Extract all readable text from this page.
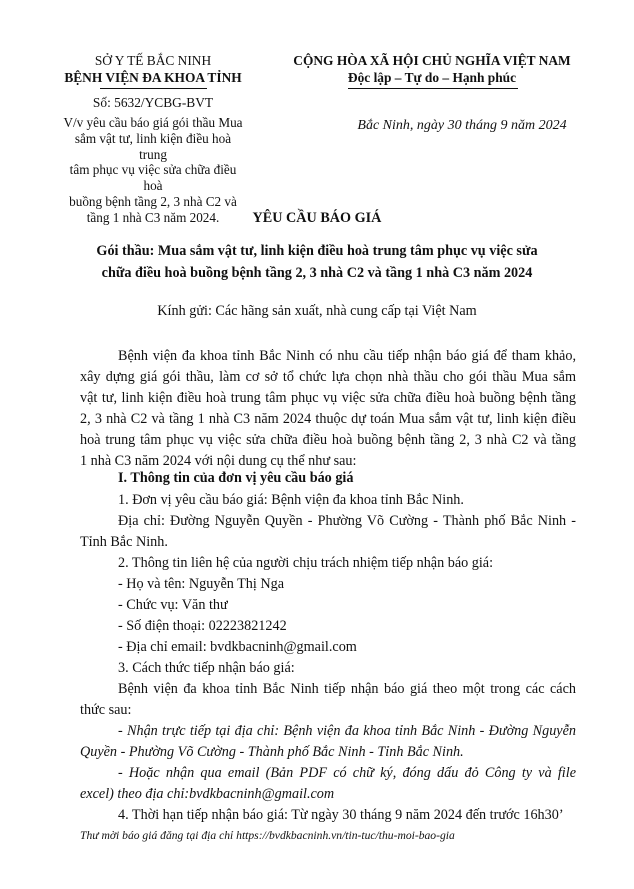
SỞ Y TẾ BẮC NINH
BỆNH VIỆN ĐA KHOA TỈNH
Số: 5632/YCBG-BVT
V/v yêu cầu báo giá gói thầu Mua
sắm vật tư, linh kiện điều hoà trung
tâm phục vụ việc sửa chữa điều hoà
buồng bệnh tầng 2, 3 nhà C2 và
tầng 1 nhà C3 năm 2024.
CỘNG HÒA XÃ HỘI CHỦ NGHĨA VIỆT NAM
Độc lập – Tự do – Hạnh phúc
Bắc Ninh, ngày 30 tháng 9 năm 2024
YÊU CẦU BÁO GIÁ
Gói thầu: Mua sắm vật tư, linh kiện điều hoà trung tâm phục vụ việc sửa
chữa điều hoà buồng bệnh tầng 2, 3 nhà C2 và tầng 1 nhà C3 năm 2024
Kính gửi: Các hãng sản xuất, nhà cung cấp tại Việt Nam
Bệnh viện đa khoa tỉnh Bắc Ninh có nhu cầu tiếp nhận báo giá để tham khảo,
xây dựng giá gói thầu, làm cơ sở tổ chức lựa chọn nhà thầu cho gói thầu Mua sắm
vật tư, linh kiện điều hoà trung tâm phục vụ việc sửa chữa điều hoà buồng bệnh tầng
2, 3 nhà C2 và tầng 1 nhà C3 năm 2024 thuộc dự toán Mua sắm vật tư, linh kiện điều
hoà trung tâm phục vụ việc sửa chữa điều hoà buồng bệnh tầng 2, 3 nhà C2 và tầng
1 nhà C3 năm 2024 với nội dung cụ thể như sau:
I. Thông tin của đơn vị yêu cầu báo giá
1. Đơn vị yêu cầu báo giá: Bệnh viện đa khoa tỉnh Bắc Ninh.
Địa chỉ: Đường Nguyễn Quyền - Phường Võ Cường - Thành phố Bắc Ninh -
Tỉnh Bắc Ninh.
2. Thông tin liên hệ của người chịu trách nhiệm tiếp nhận báo giá:
- Họ và tên: Nguyễn Thị Nga
- Chức vụ: Văn thư
- Số điện thoại: 02223821242
- Địa chỉ email: bvdkbacninh@gmail.com
3. Cách thức tiếp nhận báo giá:
Bệnh viện đa khoa tỉnh Bắc Ninh tiếp nhận báo giá theo một trong các cách
thức sau:
- Nhận trực tiếp tại địa chỉ: Bệnh viện đa khoa tỉnh Bắc Ninh - Đường Nguyễn
Quyền - Phường Võ Cường - Thành phố Bắc Ninh - Tỉnh Bắc Ninh.
- Hoặc nhận qua email (Bản PDF có chữ ký, đóng dấu đỏ Công ty và file
excel) theo địa chỉ:bvdkbacninh@gmail.com
4. Thời hạn tiếp nhận báo giá: Từ ngày 30 tháng 9 năm 2024 đến trước 16h30’
Thư mời báo giá đăng tại địa chỉ https://bvdkbacninh.vn/tin-tuc/thu-moi-bao-gia
